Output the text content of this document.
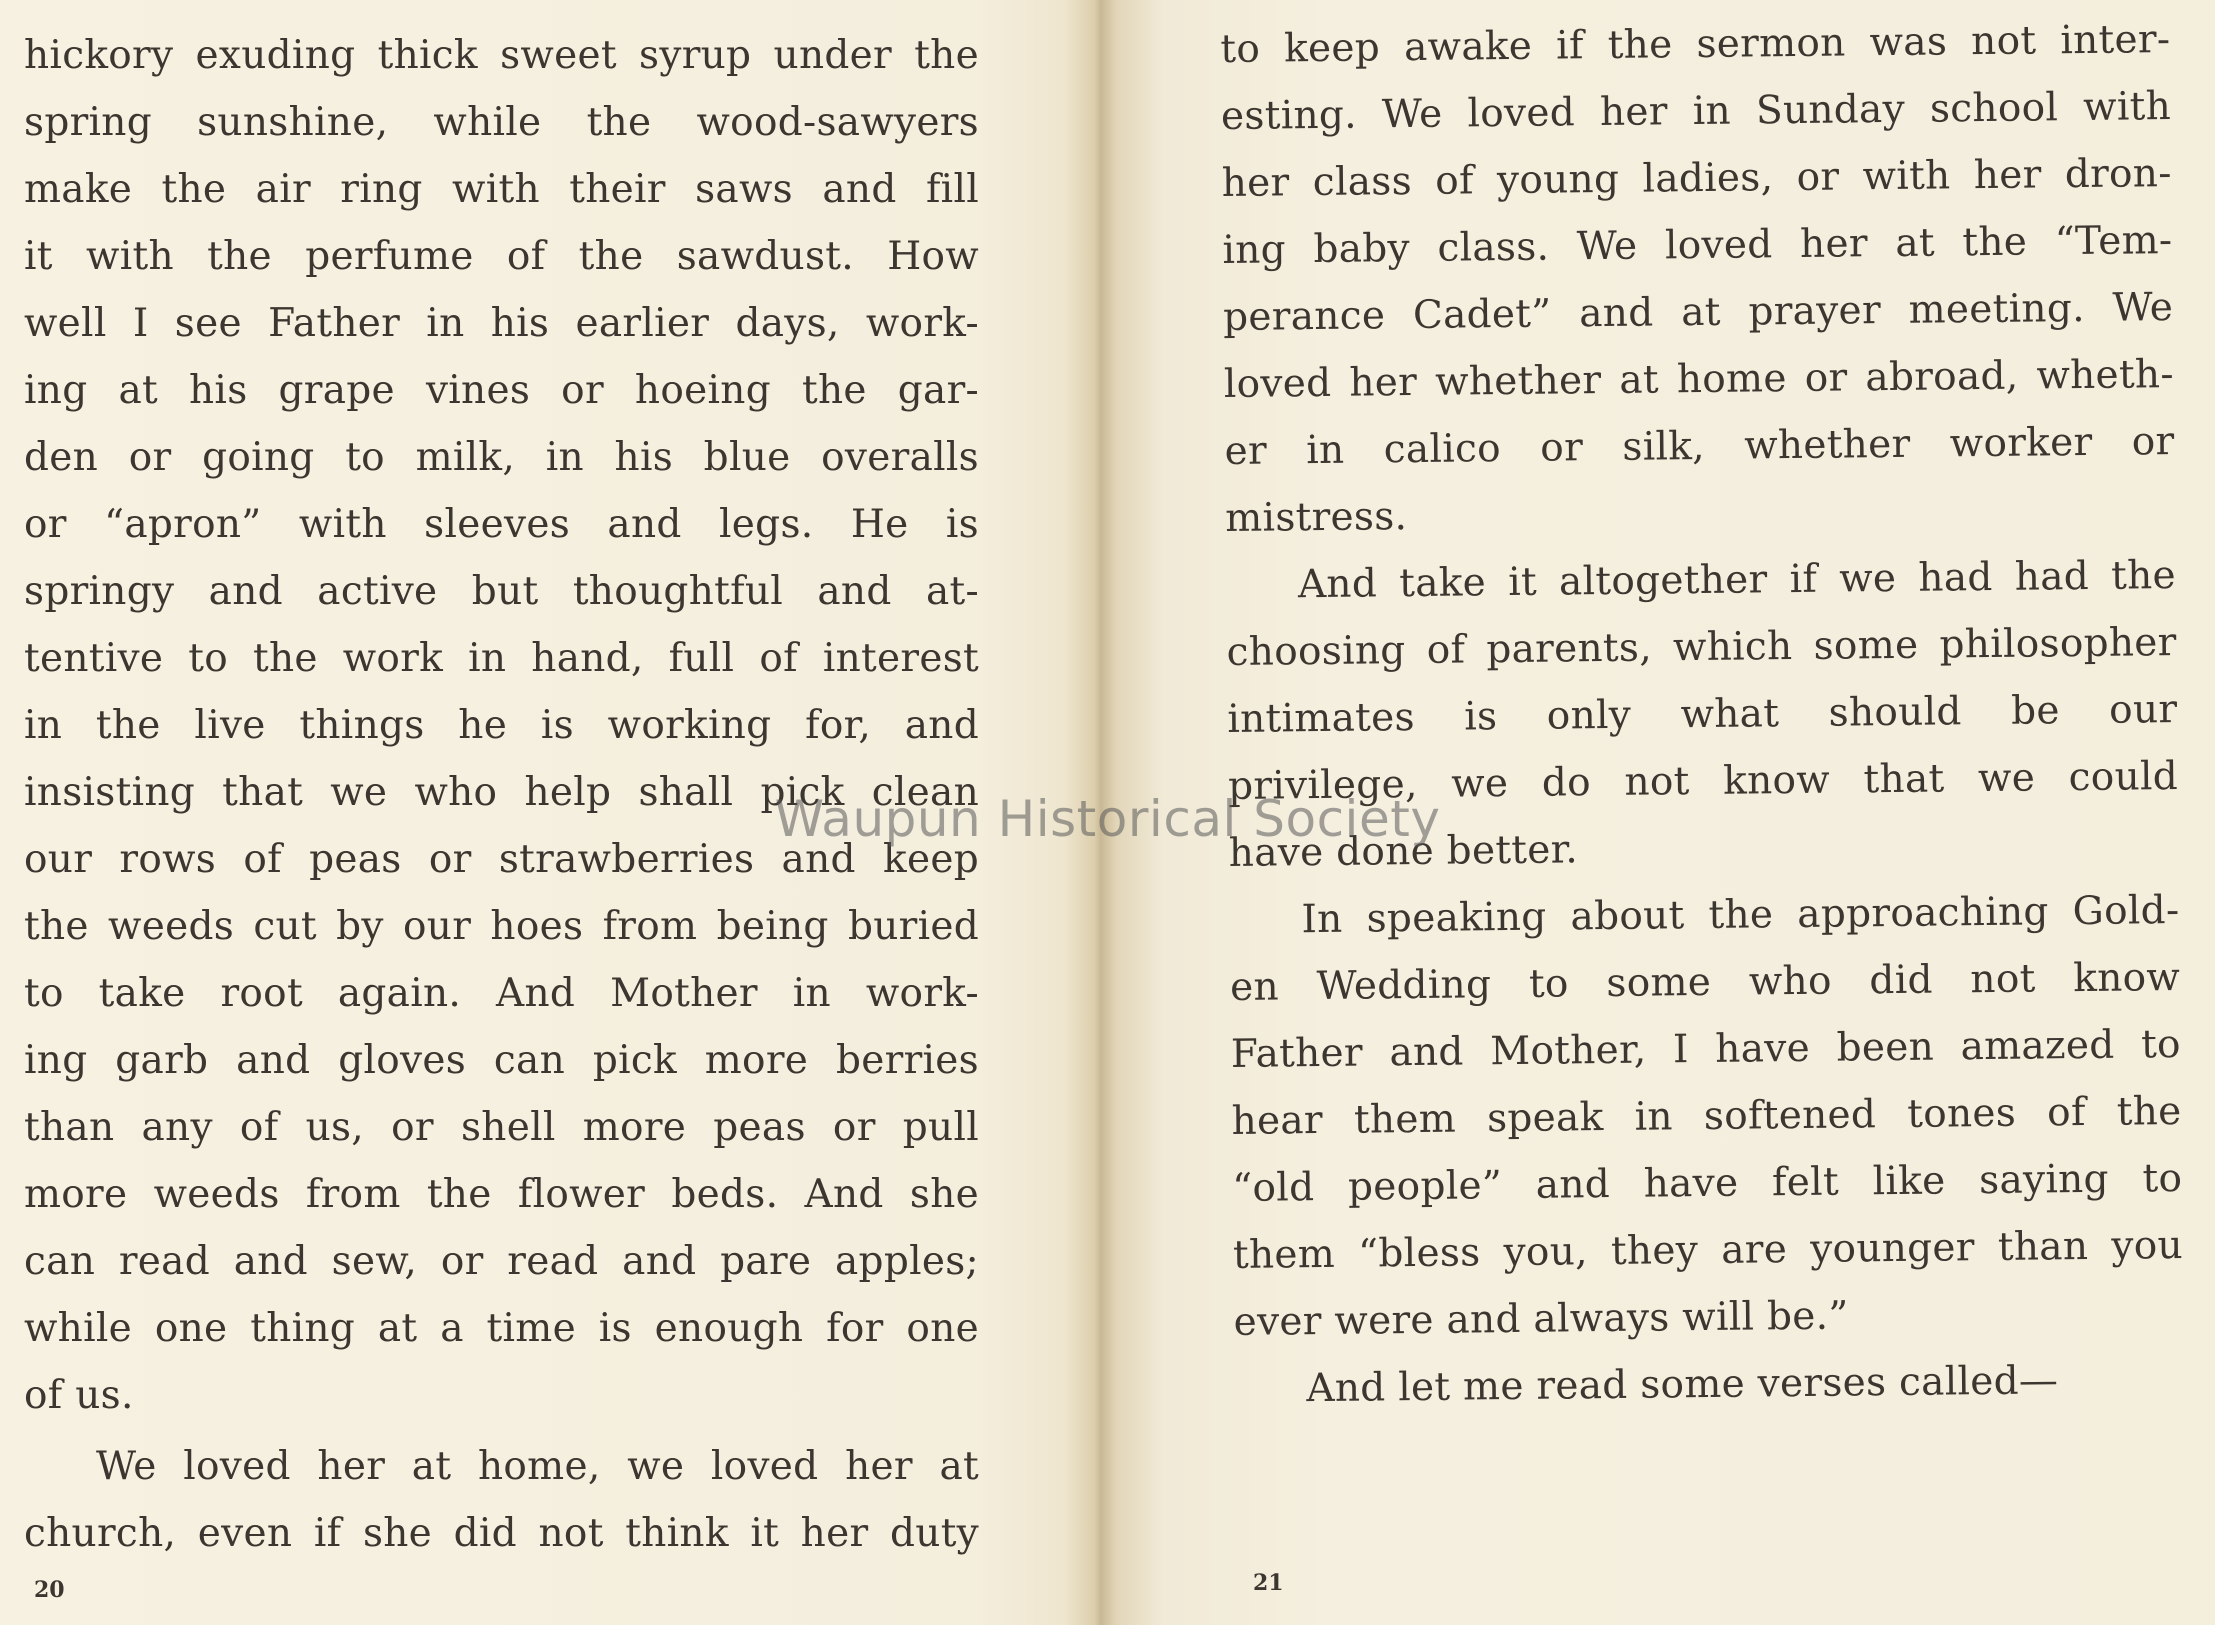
hickory exuding thick sweet syrup under the
spring sunshine, while the wood-sawyers
make the air ring with their saws and fill
it with the perfume of the sawdust. How
well I see Father in his earlier days, work-
ing at his grape vines or hoeing the gar-
den or going to milk, in his blue overalls
or “apron” with sleeves and legs. He is
springy and active but thoughtful and at-
tentive to the work in hand, full of interest
in the live things he is working for, and
insisting that we who help shall pick clean
our rows of peas or strawberries and keep
the weeds cut by our hoes from being buried
to take root again. And Mother in work-
ing garb and gloves can pick more berries
than any of us, or shell more peas or pull
more weeds from the flower beds. And she
can read and sew, or read and pare apples;
while one thing at a time is enough for one
of us.
We loved her at home, we loved her at
church, even if she did not think it her duty
20
to keep awake if the sermon was not inter-
esting. We loved her in Sunday school with
her class of young ladies, or with her dron-
ing baby class. We loved her at the “Tem-
perance Cadet” and at prayer meeting. We
loved her whether at home or abroad, wheth-
er in calico or silk, whether worker or
mistress.
And take it altogether if we had had the
choosing of parents, which some philosopher
intimates is only what should be our
privilege, we do not know that we could
have done better.
In speaking about the approaching Gold-
en Wedding to some who did not know
Father and Mother, I have been amazed to
hear them speak in softened tones of the
“old people” and have felt like saying to
them “bless you, they are younger than you
ever were and always will be.”
And let me read some verses called—
21
Waupun Historical Society
